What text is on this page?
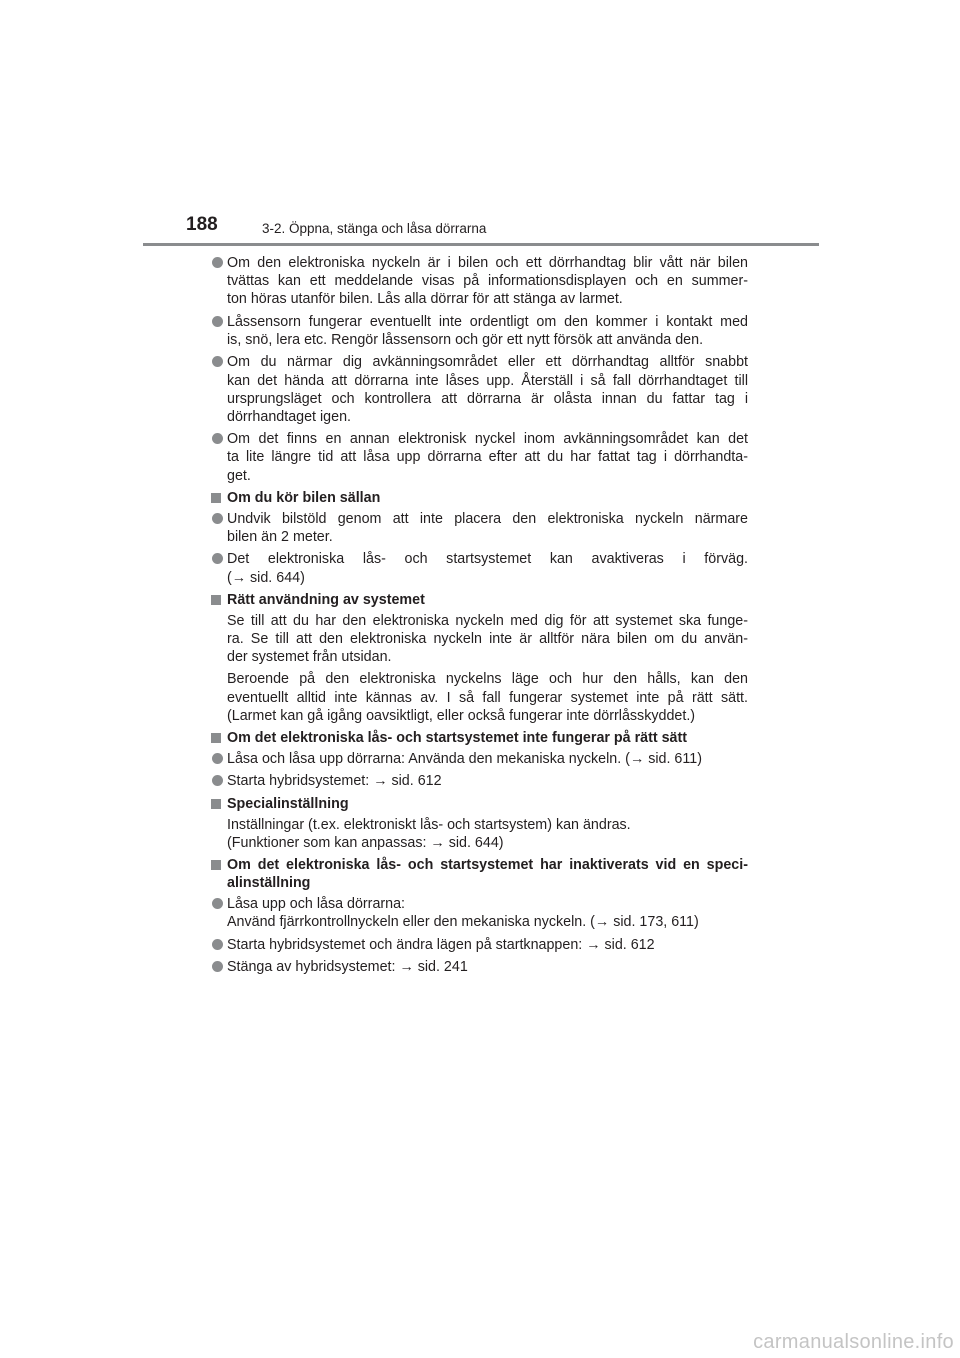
188	3-2. Öppna, stänga och låsa dörrarna
Om den elektroniska nyckeln är i bilen och ett dörrhandtag blir vått när bilen
tvättas kan ett meddelande visas på informationsdisplayen och en summer-
ton höras utanför bilen. Lås alla dörrar för att stänga av larmet.
Låssensorn fungerar eventuellt inte ordentligt om den kommer i kontakt med
is, snö, lera etc. Rengör låssensorn och gör ett nytt försök att använda den.
Om du närmar dig avkänningsområdet eller ett dörrhandtag alltför snabbt
kan det hända att dörrarna inte låses upp. Återställ i så fall dörrhandtaget till
ursprungsläget och kontrollera att dörrarna är olåsta innan du fattar tag i
dörrhandtaget igen.
Om det finns en annan elektronisk nyckel inom avkänningsområdet kan det
ta lite längre tid att låsa upp dörrarna efter att du har fattat tag i dörrhandta-
get.
Om du kör bilen sällan
Undvik bilstöld genom att inte placera den elektroniska nyckeln närmare
bilen än 2 meter.
Det elektroniska lås- och startsystemet kan avaktiveras i förväg.
(→ sid. 644)
Rätt användning av systemet
Se till att du har den elektroniska nyckeln med dig för att systemet ska funge-
ra. Se till att den elektroniska nyckeln inte är alltför nära bilen om du använ-
der systemet från utsidan.
Beroende på den elektroniska nyckelns läge och hur den hålls, kan den
eventuellt alltid inte kännas av. I så fall fungerar systemet inte på rätt sätt.
(Larmet kan gå igång oavsiktligt, eller också fungerar inte dörrlåsskyddet.)
Om det elektroniska lås- och startsystemet inte fungerar på rätt sätt
Låsa och låsa upp dörrarna: Använda den mekaniska nyckeln. (→ sid. 611)
Starta hybridsystemet: → sid. 612
Specialinställning
Inställningar (t.ex. elektroniskt lås- och startsystem) kan ändras.
(Funktioner som kan anpassas: → sid. 644)
Om det elektroniska lås- och startsystemet har inaktiverats vid en speci-
alinställning
Låsa upp och låsa dörrarna:
Använd fjärrkontrollnyckeln eller den mekaniska nyckeln. (→ sid. 173, 611)
Starta hybridsystemet och ändra lägen på startknappen: → sid. 612
Stänga av hybridsystemet: → sid. 241
carmanualsonline.info
